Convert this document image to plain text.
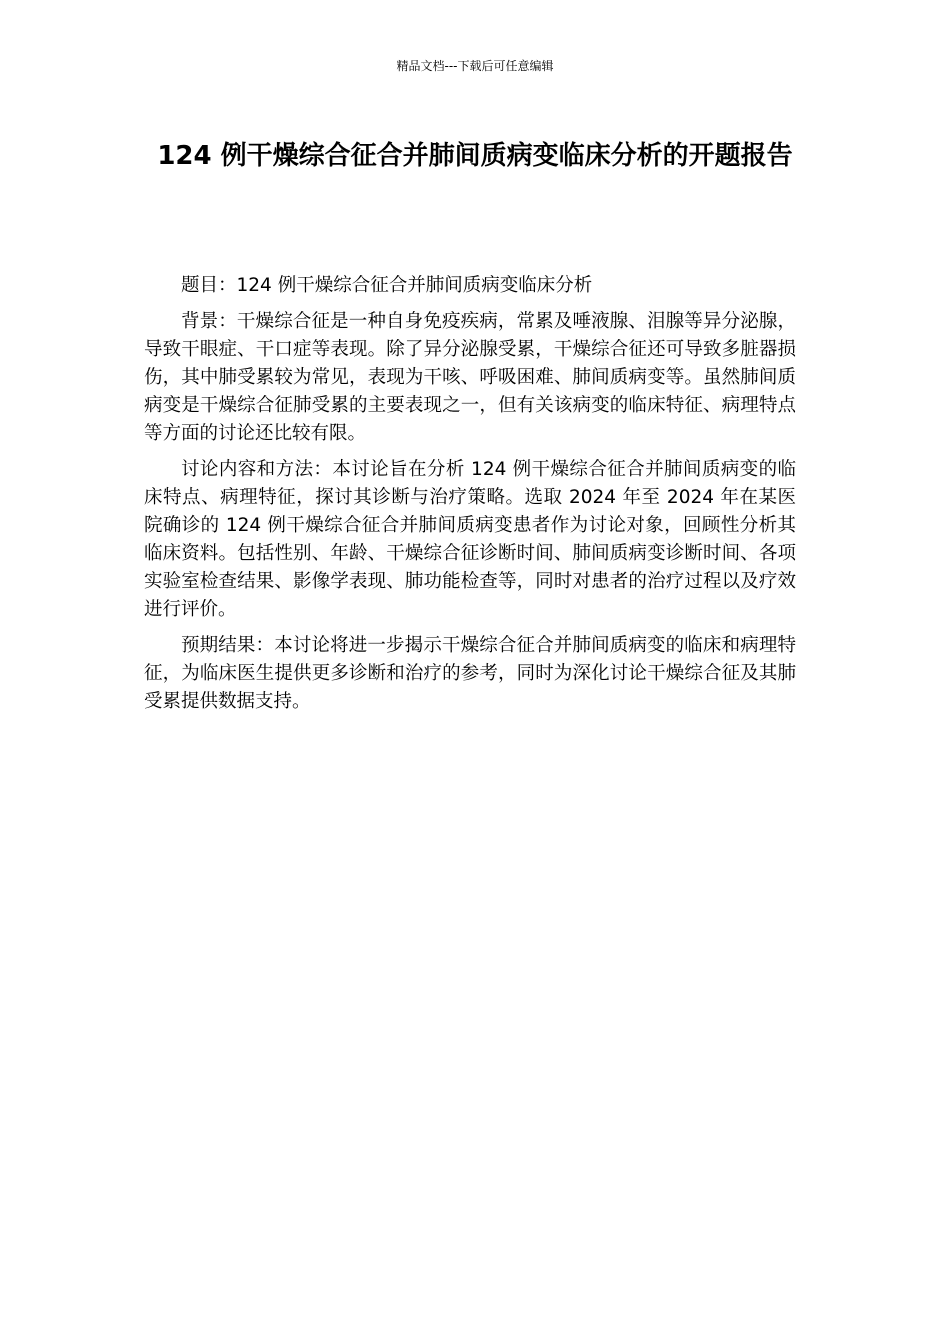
精品文档---下载后可任意编辑
124 例干燥综合征合并肺间质病变临床分析的开题报告

题目：124 例干燥综合征合并肺间质病变临床分析

背景：干燥综合征是一种自身免疫疾病，常累及唾液腺、泪腺等异分泌腺，导致干眼症、干口症等表现。除了异分泌腺受累，干燥综合征还可导致多脏器损伤，其中肺受累较为常见，表现为干咳、呼吸困难、肺间质病变等。虽然肺间质病变是干燥综合征肺受累的主要表现之一，但有关该病变的临床特征、病理特点等方面的讨论还比较有限。

讨论内容和方法：本讨论旨在分析 124 例干燥综合征合并肺间质病变的临床特点、病理特征，探讨其诊断与治疗策略。选取 2024 年至 2024 年在某医院确诊的 124 例干燥综合征合并肺间质病变患者作为讨论对象，回顾性分析其临床资料。包括性别、年龄、干燥综合征诊断时间、肺间质病变诊断时间、各项实验室检查结果、影像学表现、肺功能检查等，同时对患者的治疗过程以及疗效进行评价。

预期结果：本讨论将进一步揭示干燥综合征合并肺间质病变的临床和病理特征，为临床医生提供更多诊断和治疗的参考，同时为深化讨论干燥综合征及其肺受累提供数据支持。
